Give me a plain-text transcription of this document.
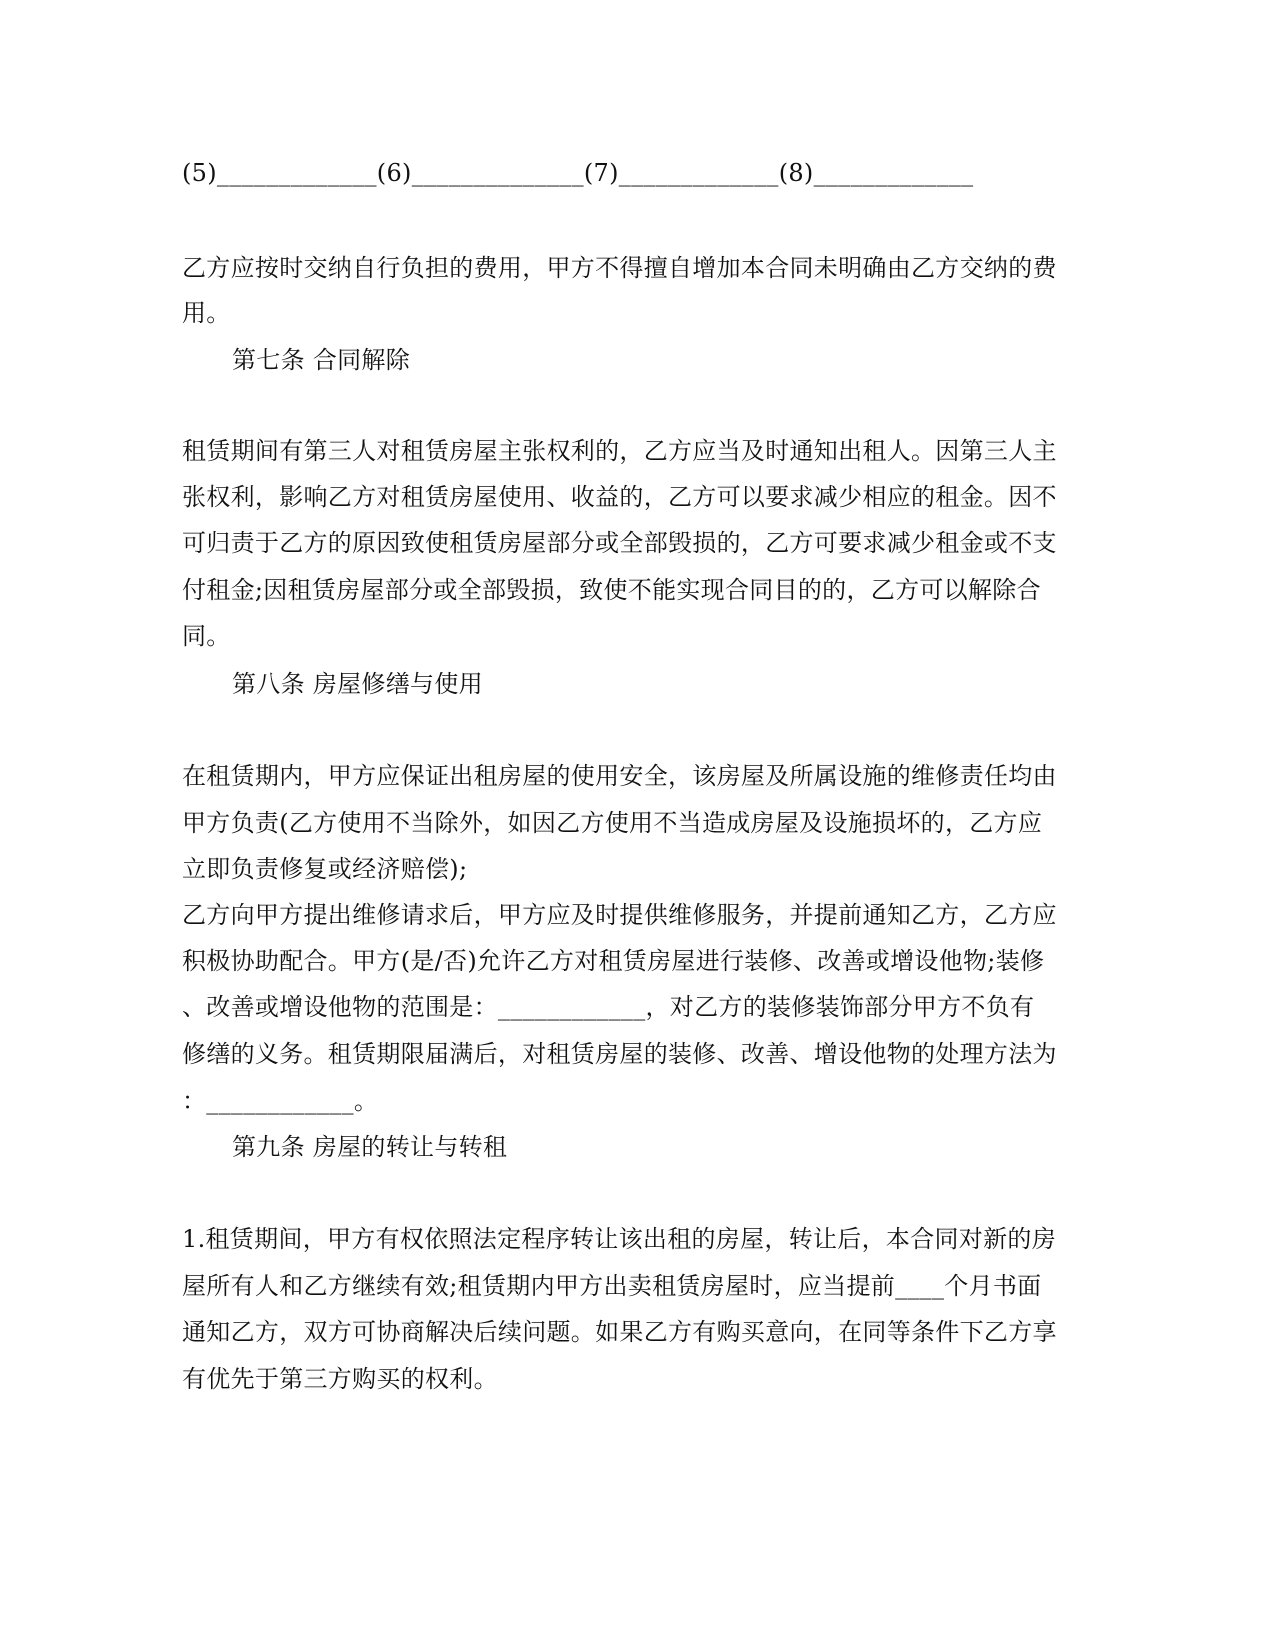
(5)_____________(6)______________(7)_____________(8)_____________
乙方应按时交纳自行负担的费用，甲方不得擅自增加本合同未明确由乙方交纳的费
用。
第七条 合同解除
租赁期间有第三人对租赁房屋主张权利的，乙方应当及时通知出租人。因第三人主
张权利，影响乙方对租赁房屋使用、收益的，乙方可以要求减少相应的租金。因不
可归责于乙方的原因致使租赁房屋部分或全部毁损的，乙方可要求减少租金或不支
付租金;因租赁房屋部分或全部毁损，致使不能实现合同目的的，乙方可以解除合
同。
第八条 房屋修缮与使用
在租赁期内，甲方应保证出租房屋的使用安全，该房屋及所属设施的维修责任均由
甲方负责(乙方使用不当除外，如因乙方使用不当造成房屋及设施损坏的，乙方应
立即负责修复或经济赔偿);
乙方向甲方提出维修请求后，甲方应及时提供维修服务，并提前通知乙方，乙方应
积极协助配合。甲方(是/否)允许乙方对租赁房屋进行装修、改善或增设他物;装修
、改善或增设他物的范围是：____________，对乙方的装修装饰部分甲方不负有
修缮的义务。租赁期限届满后，对租赁房屋的装修、改善、增设他物的处理方法为
：____________。
第九条 房屋的转让与转租
1.租赁期间，甲方有权依照法定程序转让该出租的房屋，转让后，本合同对新的房
屋所有人和乙方继续有效;租赁期内甲方出卖租赁房屋时，应当提前____个月书面
通知乙方，双方可协商解决后续问题。如果乙方有购买意向，在同等条件下乙方享
有优先于第三方购买的权利。
